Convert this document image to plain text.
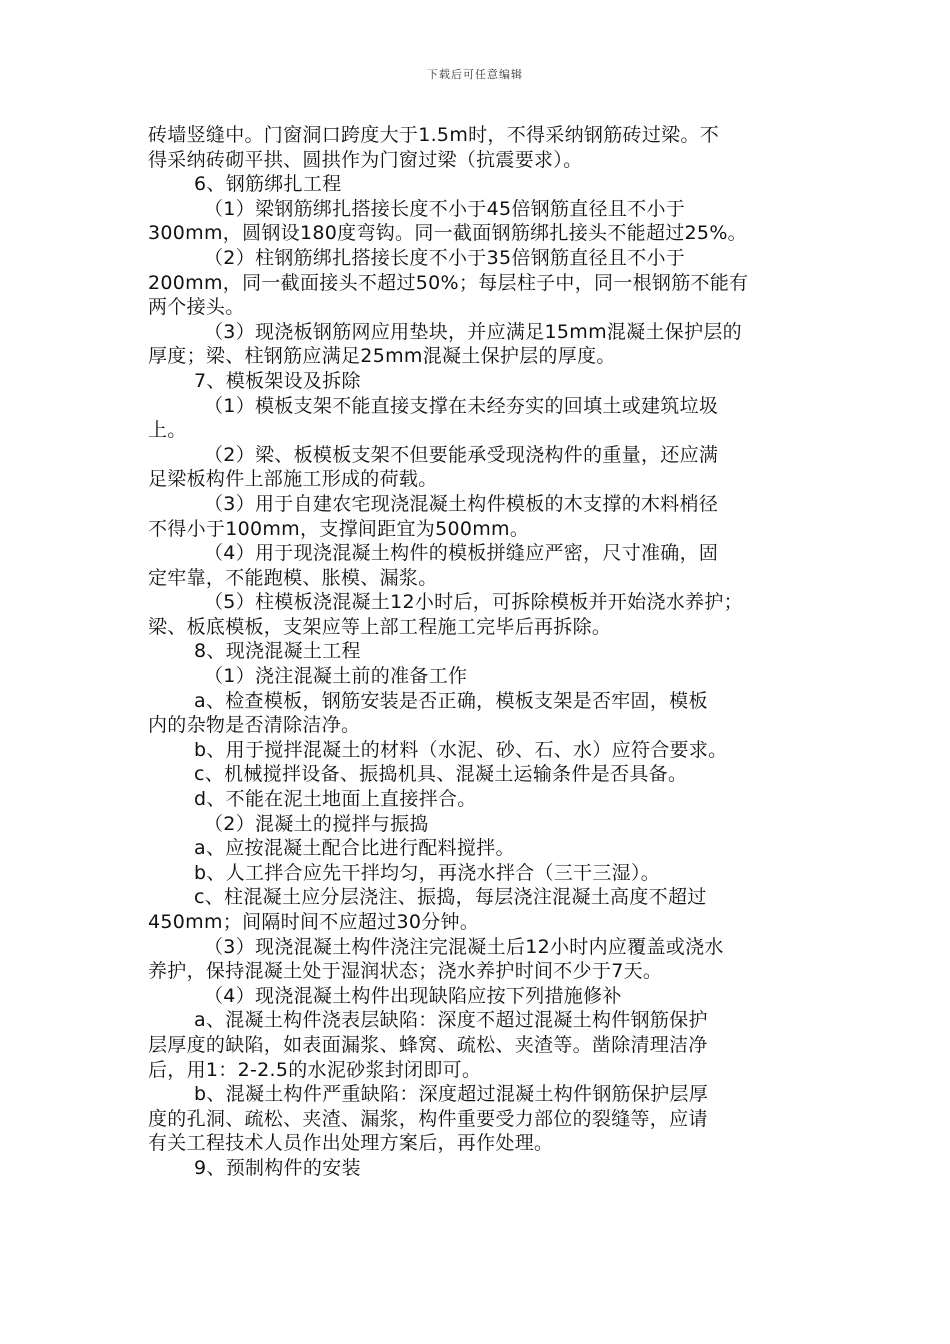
下载后可任意编辑
砖墙竖缝中。门窗洞口跨度大于1.5m时，不得采纳钢筋砖过梁。不
得采纳砖砌平拱、圆拱作为门窗过梁（抗震要求）。
6、钢筋绑扎工程
（1）梁钢筋绑扎搭接长度不小于45倍钢筋直径且不小于
300mm，圆钢设180度弯钩。同一截面钢筋绑扎接头不能超过25%。
（2）柱钢筋绑扎搭接长度不小于35倍钢筋直径且不小于
200mm，同一截面接头不超过50%；每层柱子中，同一根钢筋不能有
两个接头。
（3）现浇板钢筋网应用垫块，并应满足15mm混凝土保护层的
厚度；梁、柱钢筋应满足25mm混凝土保护层的厚度。
7、模板架设及拆除
（1）模板支架不能直接支撑在未经夯实的回填土或建筑垃圾
上。
（2）梁、板模板支架不但要能承受现浇构件的重量，还应满
足梁板构件上部施工形成的荷载。
（3）用于自建农宅现浇混凝土构件模板的木支撑的木料梢径
不得小于100mm，支撑间距宜为500mm。
（4）用于现浇混凝土构件的模板拼缝应严密，尺寸准确，固
定牢靠，不能跑模、胀模、漏浆。
（5）柱模板浇混凝土12小时后，可拆除模板并开始浇水养护；
梁、板底模板，支架应等上部工程施工完毕后再拆除。
8、现浇混凝土工程
（1）浇注混凝土前的准备工作
a、检查模板，钢筋安装是否正确，模板支架是否牢固，模板
内的杂物是否清除洁净。
b、用于搅拌混凝土的材料（水泥、砂、石、水）应符合要求。
c、机械搅拌设备、振捣机具、混凝土运输条件是否具备。
d、不能在泥土地面上直接拌合。
（2）混凝土的搅拌与振捣
a、应按混凝土配合比进行配料搅拌。
b、人工拌合应先干拌均匀，再浇水拌合（三干三湿）。
c、柱混凝土应分层浇注、振捣，每层浇注混凝土高度不超过
450mm；间隔时间不应超过30分钟。
（3）现浇混凝土构件浇注完混凝土后12小时内应覆盖或浇水
养护，保持混凝土处于湿润状态；浇水养护时间不少于7天。
（4）现浇混凝土构件出现缺陷应按下列措施修补
a、混凝土构件浇表层缺陷：深度不超过混凝土构件钢筋保护
层厚度的缺陷，如表面漏浆、蜂窝、疏松、夹渣等。凿除清理洁净
后，用1：2-2.5的水泥砂浆封闭即可。
b、混凝土构件严重缺陷：深度超过混凝土构件钢筋保护层厚
度的孔洞、疏松、夹渣、漏浆，构件重要受力部位的裂缝等，应请
有关工程技术人员作出处理方案后，再作处理。
9、预制构件的安装
